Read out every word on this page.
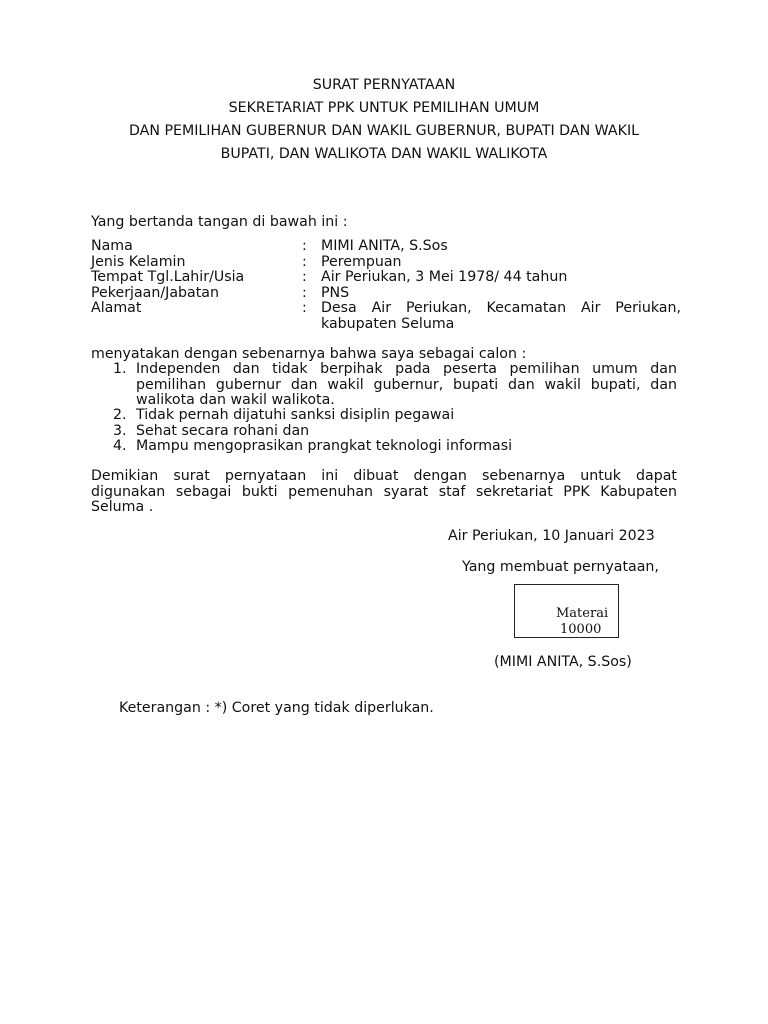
SURAT PERNYATAAN
SEKRETARIAT PPK UNTUK PEMILIHAN UMUM
DAN PEMILIHAN GUBERNUR DAN WAKIL GUBERNUR, BUPATI DAN WAKIL
BUPATI, DAN WALIKOTA DAN WAKIL WALIKOTA
Yang bertanda tangan di bawah ini :
Nama	: MIMI ANITA, S.Sos
Jenis Kelamin	: Perempuan
Tempat Tgl.Lahir/Usia	: Air Periukan, 3 Mei 1978/ 44 tahun
Pekerjaan/Jabatan	: PNS
Alamat	: Desa Air Periukan, Kecamatan Air Periukan,
kabupaten Seluma
menyatakan dengan sebenarnya bahwa saya sebagai calon :
1. Independen dan tidak berpihak pada peserta pemilihan umum dan
pemilihan gubernur dan wakil gubernur, bupati dan wakil bupati, dan
walikota dan wakil walikota.
2. Tidak pernah dijatuhi sanksi disiplin pegawai
3. Sehat secara rohani dan
4. Mampu mengoprasikan prangkat teknologi informasi
Demikian surat pernyataan ini dibuat dengan sebenarnya untuk dapat
digunakan sebagai bukti pemenuhan syarat staf sekretariat PPK Kabupaten
Seluma .
Air Periukan, 10 Januari 2023
Yang membuat pernyataan,
Materai
10000
(MIMI ANITA, S.Sos)
Keterangan : *) Coret yang tidak diperlukan.
